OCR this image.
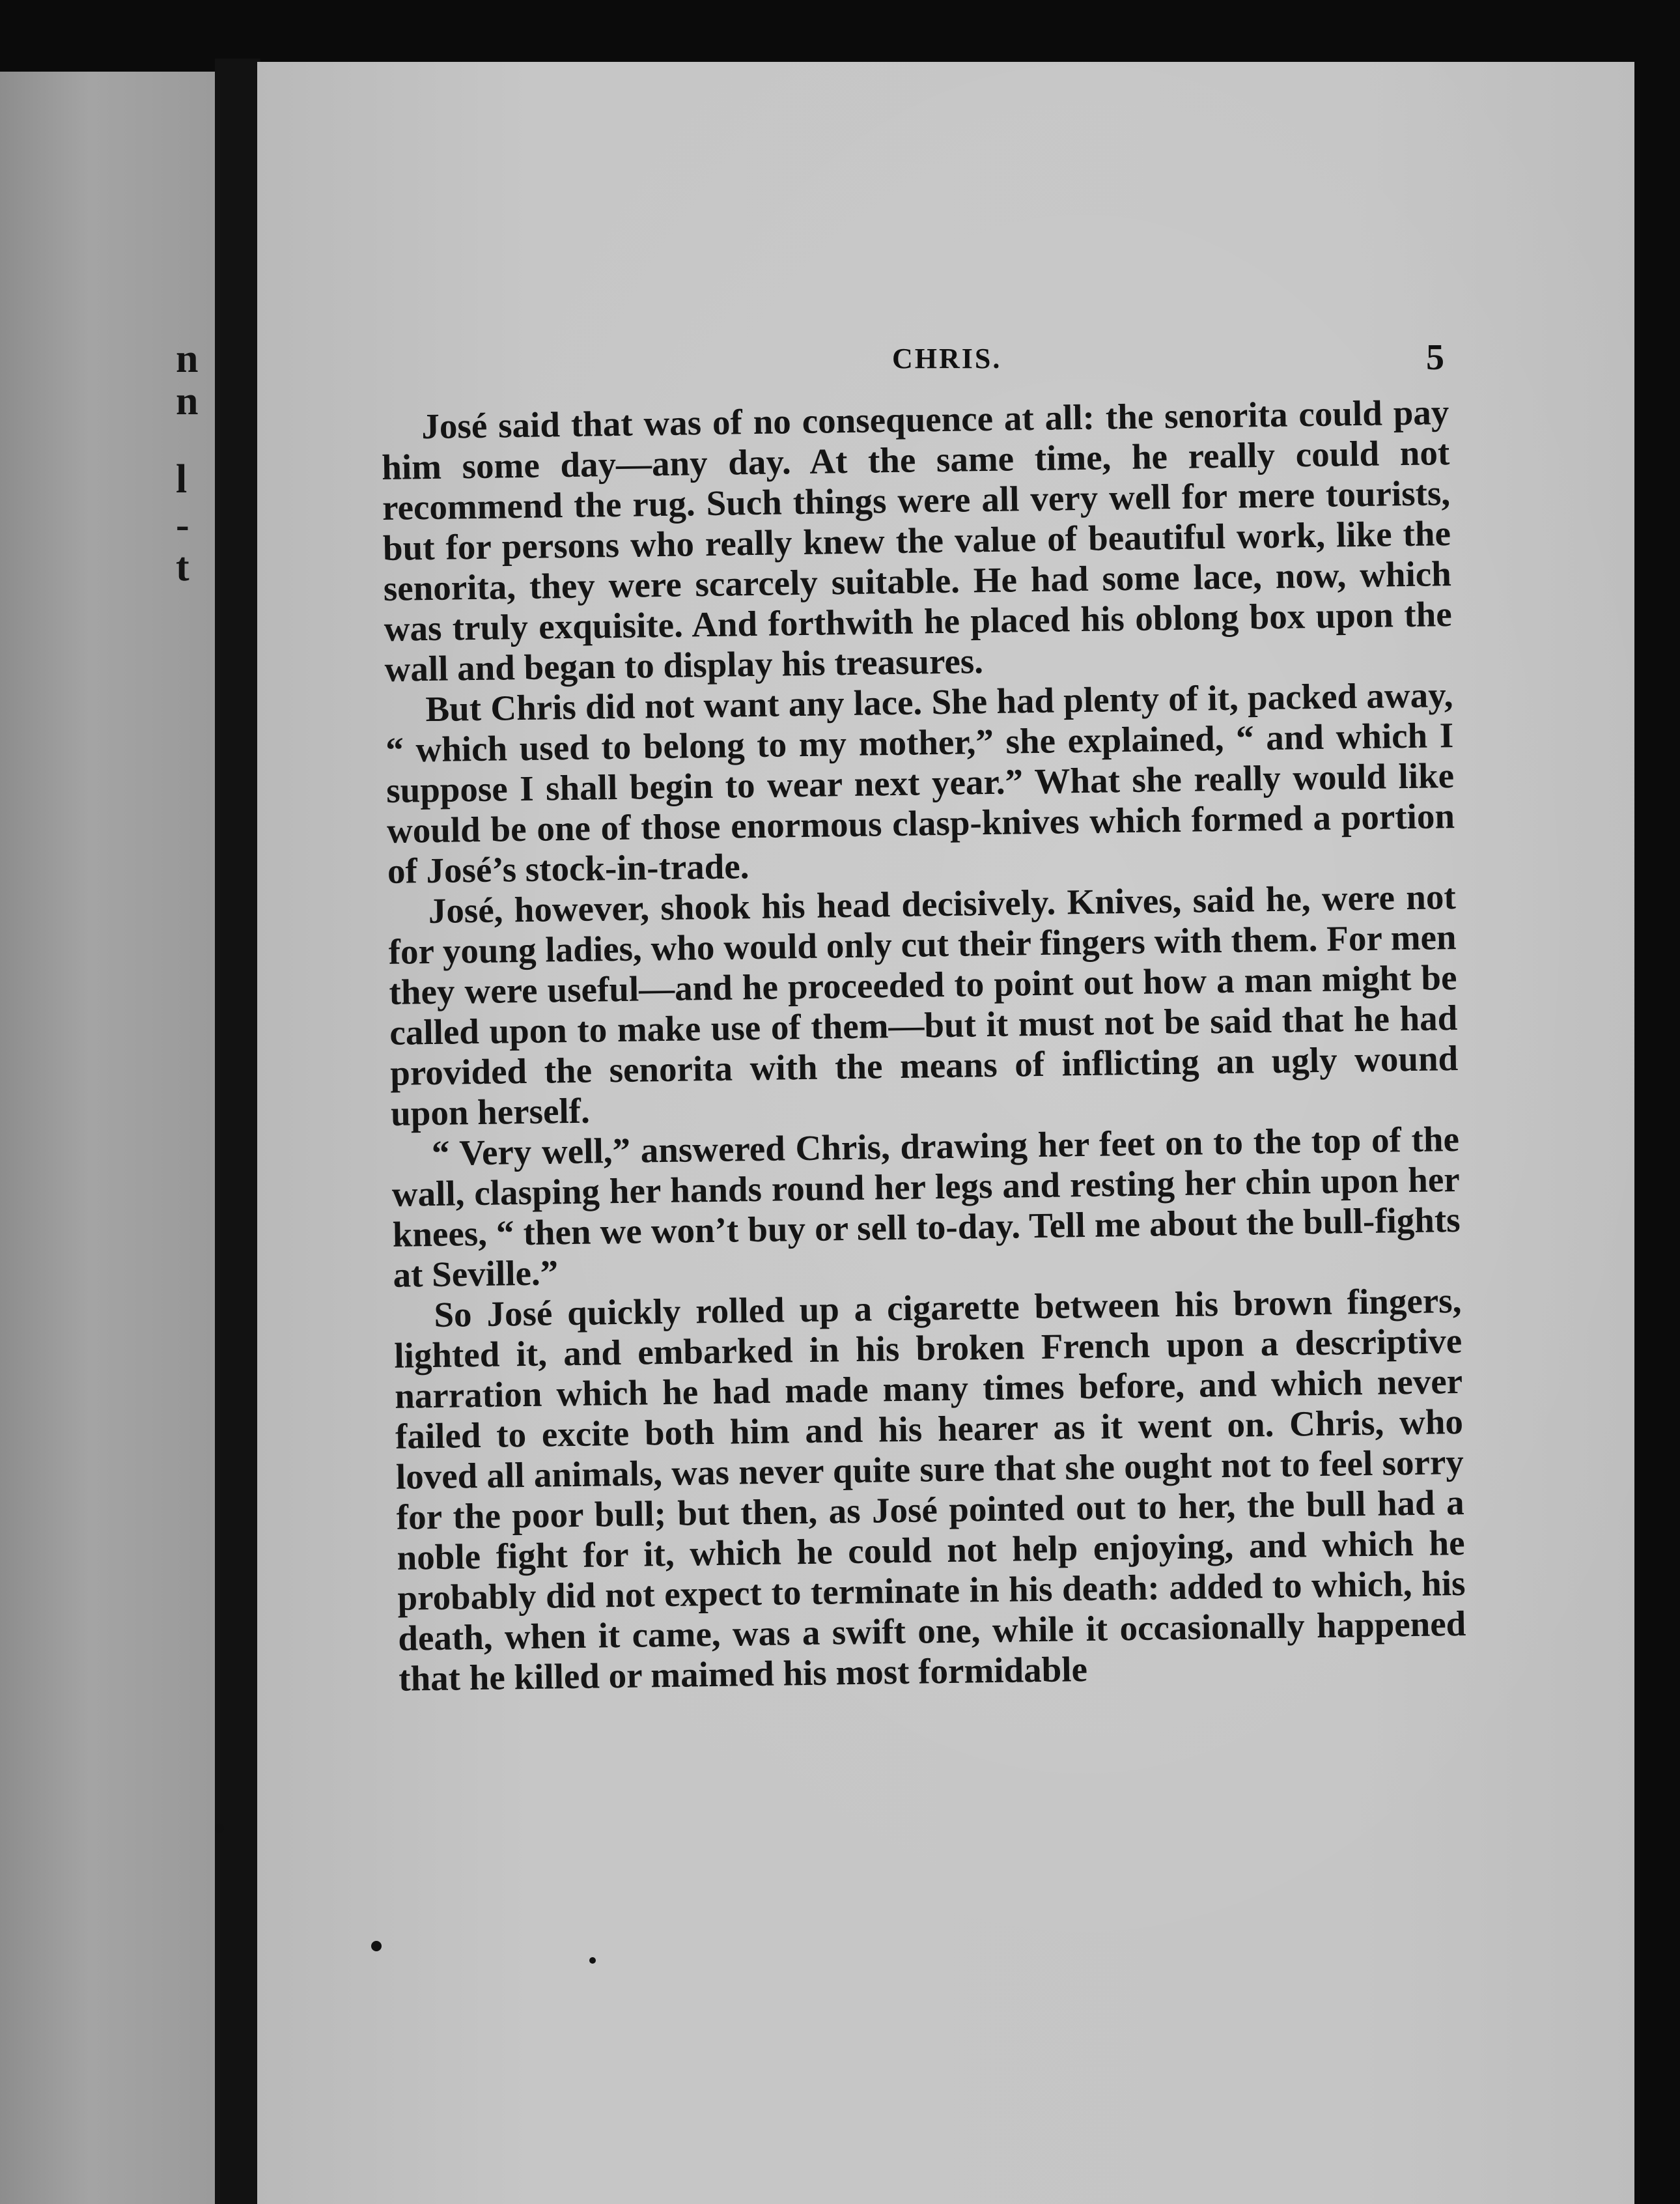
n
n
l
-
t
CHRIS.	5

José said that was of no consequence at all: the senorita could pay him some day—any day. At the same time, he really could not recommend the rug. Such things were all very well for mere tourists, but for persons who really knew the value of beautiful work, like the senorita, they were scarcely suitable. He had some lace, now, which was truly exquisite. And forthwith he placed his oblong box upon the wall and began to display his treasures.

But Chris did not want any lace. She had plenty of it, packed away, “ which used to belong to my mother,” she explained, “ and which I suppose I shall begin to wear next year.” What she really would like would be one of those enormous clasp-knives which formed a portion of José’s stock-in-trade.

José, however, shook his head decisively. Knives, said he, were not for young ladies, who would only cut their fingers with them. For men they were useful—and he proceeded to point out how a man might be called upon to make use of them—but it must not be said that he had provided the senorita with the means of inflicting an ugly wound upon herself.

“ Very well,” answered Chris, drawing her feet on to the top of the wall, clasping her hands round her legs and resting her chin upon her knees, “ then we won’t buy or sell to-day. Tell me about the bull-fights at Seville.”

So José quickly rolled up a cigarette between his brown fingers, lighted it, and embarked in his broken French upon a descriptive narration which he had made many times before, and which never failed to excite both him and his hearer as it went on. Chris, who loved all animals, was never quite sure that she ought not to feel sorry for the poor bull; but then, as José pointed out to her, the bull had a noble fight for it, which he could not help enjoying, and which he probably did not expect to terminate in his death: added to which, his death, when it came, was a swift one, while it occasionally happened that he killed or maimed his most formidable
